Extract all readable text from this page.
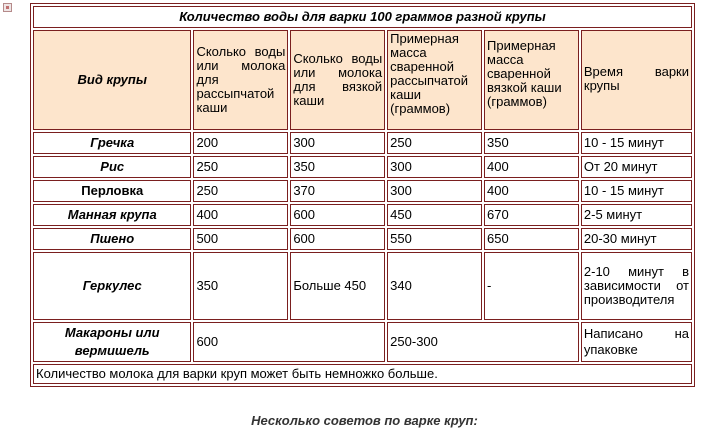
Количество воды для варки 100 граммов разной крупы					
Вид крупы	Сколько воды или молока для рассыпчатой каши	Сколько воды или молока для вязкой каши	Примерная масса сваренной рассыпчатой каши (граммов)	Примерная масса сваренной вязкой каши (граммов)	Время варки крупы
Гречка	200	300	250	350	10 - 15 минут
Рис	250	350	300	400	От 20 минут
Перловка	250	370	300	400	10 - 15 минут
Манная крупа	400	600	450	670	2-5 минут
Пшено	500	600	550	650	20-30 минут
Геркулес	350	Больше 450	340	-	2-10 минут в зависимости от производителя
Макароны или вермишель	600		250-300		Написано на упаковке
Количество молока для варки круп может быть немножко больше.					
Несколько советов по варке круп:
